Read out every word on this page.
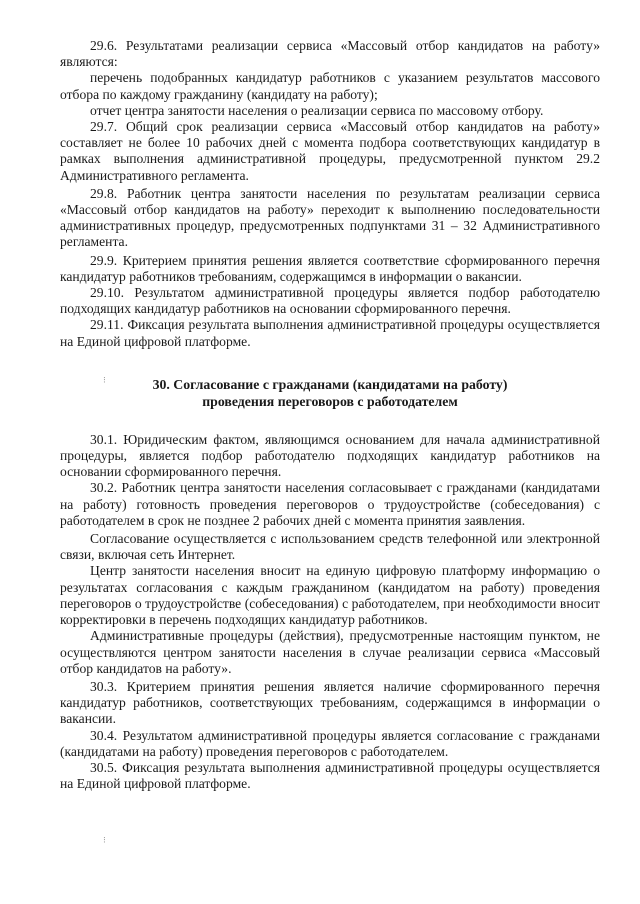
29.6. Результатами реализации сервиса «Массовый отбор кандидатов на работу» являются:

перечень подобранных кандидатур работников с указанием результатов массового отбора по каждому гражданину (кандидату на работу);

отчет центра занятости населения о реализации сервиса по массовому отбору.

29.7. Общий срок реализации сервиса «Массовый отбор кандидатов на работу» составляет не более 10 рабочих дней с момента подбора соответствующих кандидатур в рамках выполнения административной процедуры, предусмотренной пунктом 29.2 Административного регламента.

29.8. Работник центра занятости населения по результатам реализации сервиса «Массовый отбор кандидатов на работу» переходит к выполнению последовательности административных процедур, предусмотренных подпунктами 31 – 32 Административного регламента.

29.9. Критерием принятия решения является соответствие сформированного перечня кандидатур работников требованиям, содержащимся в информации о вакансии.

29.10. Результатом административной процедуры является подбор работодателю подходящих кандидатур работников на основании сформированного перечня.

29.11. Фиксация результата выполнения административной процедуры осуществляется на Единой цифровой платформе.

30. Согласование с гражданами (кандидатами на работу)
проведения переговоров с работодателем

30.1. Юридическим фактом, являющимся основанием для начала административной процедуры, является подбор работодателю подходящих кандидатур работников на основании сформированного перечня.

30.2. Работник центра занятости населения согласовывает с гражданами (кандидатами на работу) готовность проведения переговоров о трудоустройстве (собеседования) с работодателем в срок не позднее 2 рабочих дней с момента принятия заявления.

Согласование осуществляется с использованием средств телефонной или электронной связи, включая сеть Интернет.

Центр занятости населения вносит на единую цифровую платформу информацию о результатах согласования с каждым гражданином (кандидатом на работу) проведения переговоров о трудоустройстве (собеседования) с работодателем, при необходимости вносит корректировки в перечень подходящих кандидатур работников.

Административные процедуры (действия), предусмотренные настоящим пунктом, не осуществляются центром занятости населения в случае реализации сервиса «Массовый отбор кандидатов на работу».

30.3. Критерием принятия решения является наличие сформированного перечня кандидатур работников, соответствующих требованиям, содержащимся в информации о вакансии.

30.4. Результатом административной процедуры является согласование с гражданами (кандидатами на работу) проведения переговоров с работодателем.

30.5. Фиксация результата выполнения административной процедуры осуществляется на Единой цифровой платформе.

⁝
⁝
